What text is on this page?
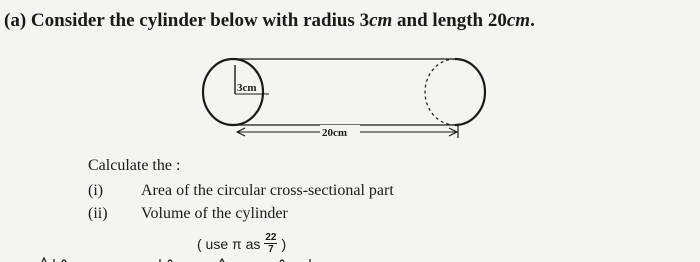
(a) Consider the cylinder below with radius 3cm and length 20cm.
3cm
20cm
Calculate the :
(i) Area of the circular cross-sectional part
(ii) Volume of the cylinder
( use π as $\frac{22}{7}$ )
